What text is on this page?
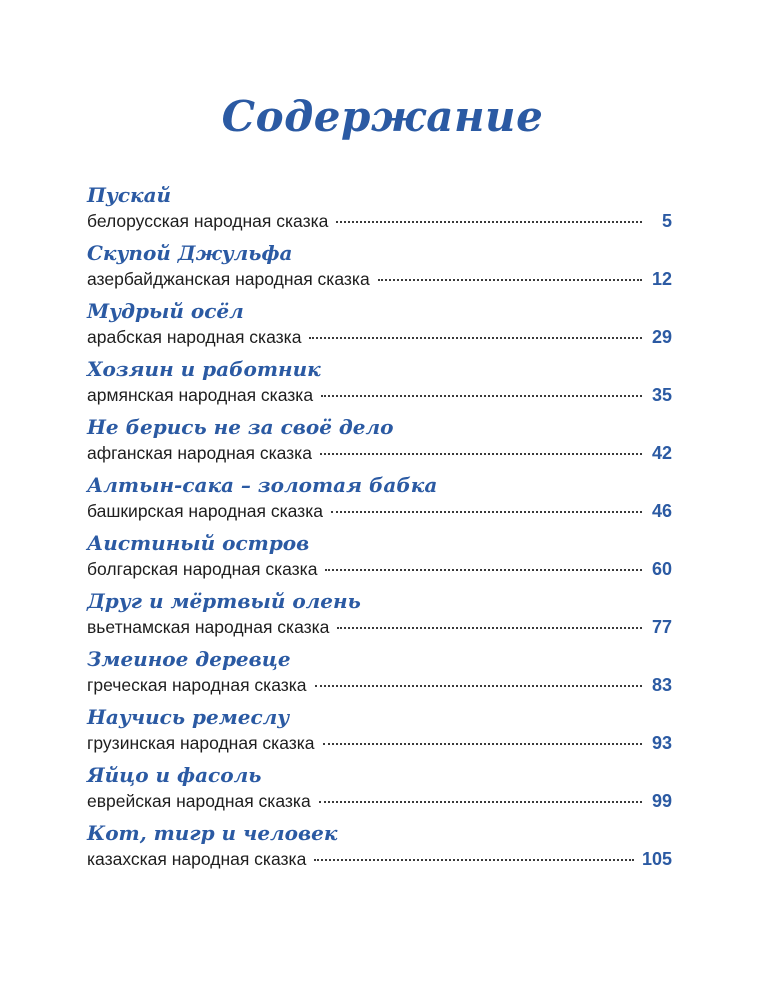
Содержание
Пускай
белорусская народная сказка	5
Скупой Джульфа
азербайджанская народная сказка	12
Мудрый осёл
арабская народная сказка	29
Хозяин и работник
армянская народная сказка	35
Не берись не за своё дело
афганская народная сказка	42
Алтын-сака – золотая бабка
башкирская народная сказка	46
Аистиный остров
болгарская народная сказка	60
Друг и мёртвый олень
вьетнамская народная сказка	77
Змеиное деревце
греческая народная сказка	83
Научись ремеслу
грузинская народная сказка	93
Яйцо и фасоль
еврейская народная сказка	99
Кот, тигр и человек
казахская народная сказка	105
